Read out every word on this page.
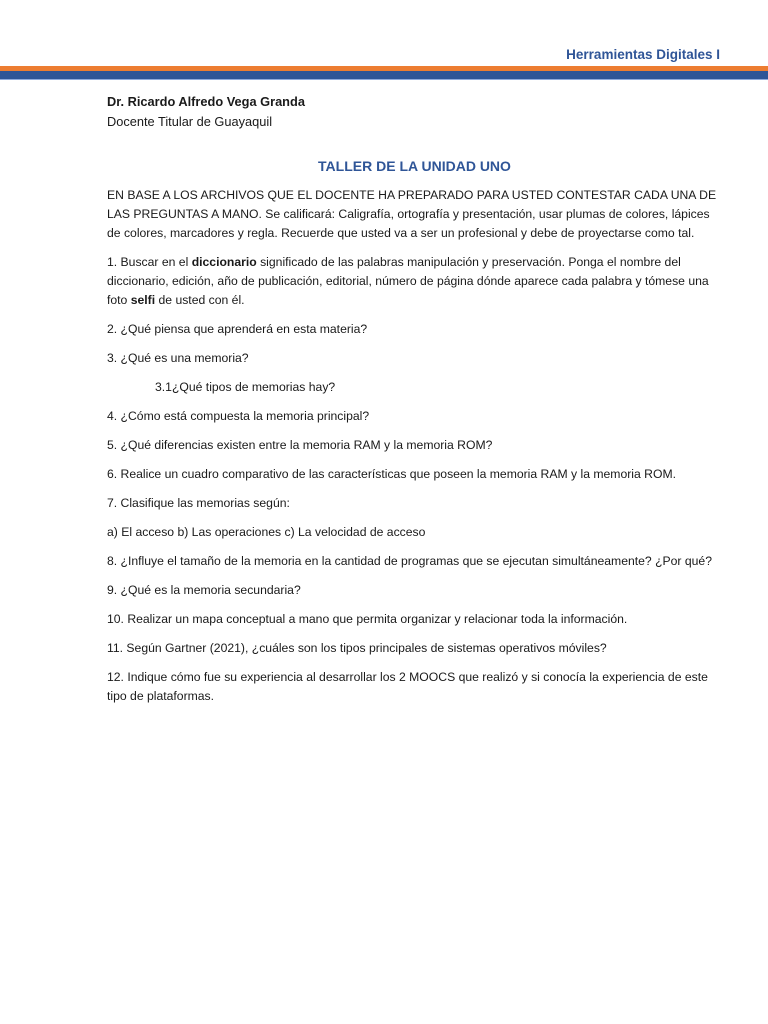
Herramientas Digitales I
Dr. Ricardo Alfredo Vega Granda
Docente Titular de Guayaquil
TALLER DE LA UNIDAD UNO

EN BASE A LOS ARCHIVOS QUE EL DOCENTE HA PREPARADO PARA USTED CONTESTAR CADA UNA DE LAS PREGUNTAS A MANO. Se calificará: Caligrafía, ortografía y presentación, usar plumas de colores, lápices de colores, marcadores y regla. Recuerde que usted va a ser un profesional y debe de proyectarse como tal.

1. Buscar en el diccionario significado de las palabras manipulación y preservación. Ponga el nombre del diccionario, edición, año de publicación, editorial, número de página dónde aparece cada palabra y tómese una foto selfi de usted con él.

2. ¿Qué piensa que aprenderá en esta materia?

3. ¿Qué es una memoria?

3.1¿Qué tipos de memorias hay?

4. ¿Cómo está compuesta la memoria principal?

5. ¿Qué diferencias existen entre la memoria RAM y la memoria ROM?

6. Realice un cuadro comparativo de las características que poseen la memoria RAM y la memoria ROM.

7. Clasifique las memorias según:

a) El acceso b) Las operaciones c) La velocidad de acceso

8. ¿Influye el tamaño de la memoria en la cantidad de programas que se ejecutan simultáneamente? ¿Por qué?

9. ¿Qué es la memoria secundaria?

10. Realizar un mapa conceptual a mano que permita organizar y relacionar toda la información.

11. Según Gartner (2021), ¿cuáles son los tipos principales de sistemas operativos móviles?

12. Indique cómo fue su experiencia al desarrollar los 2 MOOCS que realizó y si conocía la experiencia de este tipo de plataformas.
